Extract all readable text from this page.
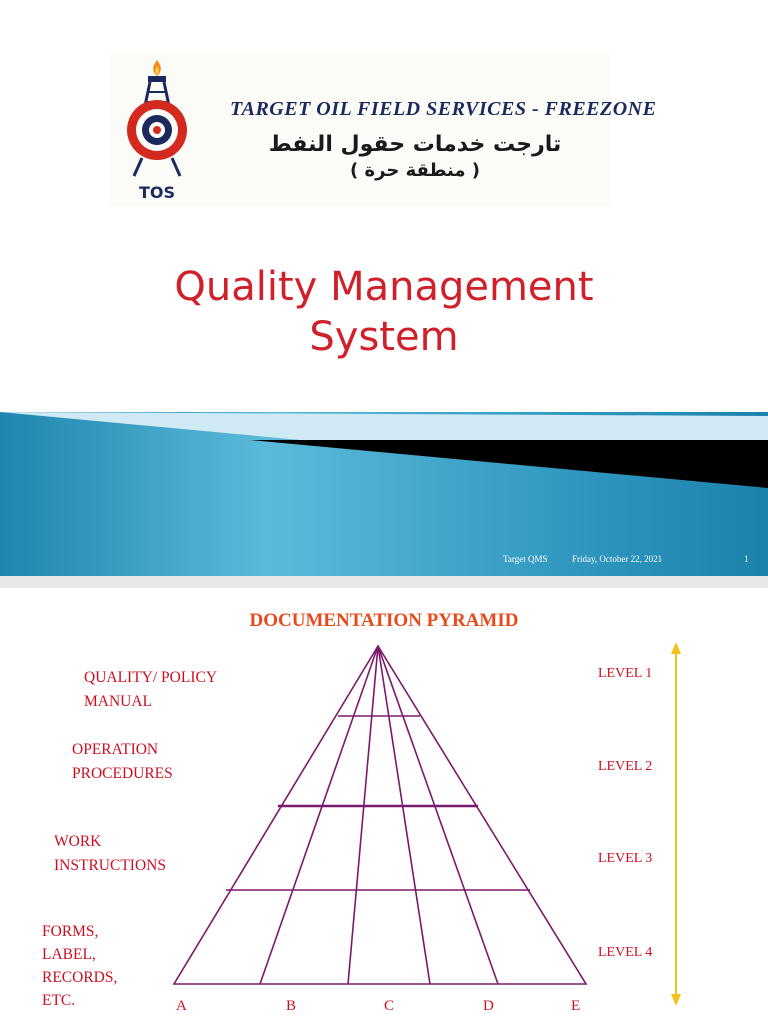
TOS
TARGET OIL FIELD SERVICES - FREEZONE
تارجت خدمات حقول النفط
( منطقة حرة )
Quality Management
System
Target QMS	Friday, October 22, 2021	1
DOCUMENTATION PYRAMID
QUALITY/ POLICY
MANUAL
OPERATION
PROCEDURES
WORK
INSTRUCTIONS
FORMS,
LABEL,
RECORDS,
ETC.
LEVEL 1
LEVEL 2
LEVEL 3
LEVEL 4
A	B	C	D	E
